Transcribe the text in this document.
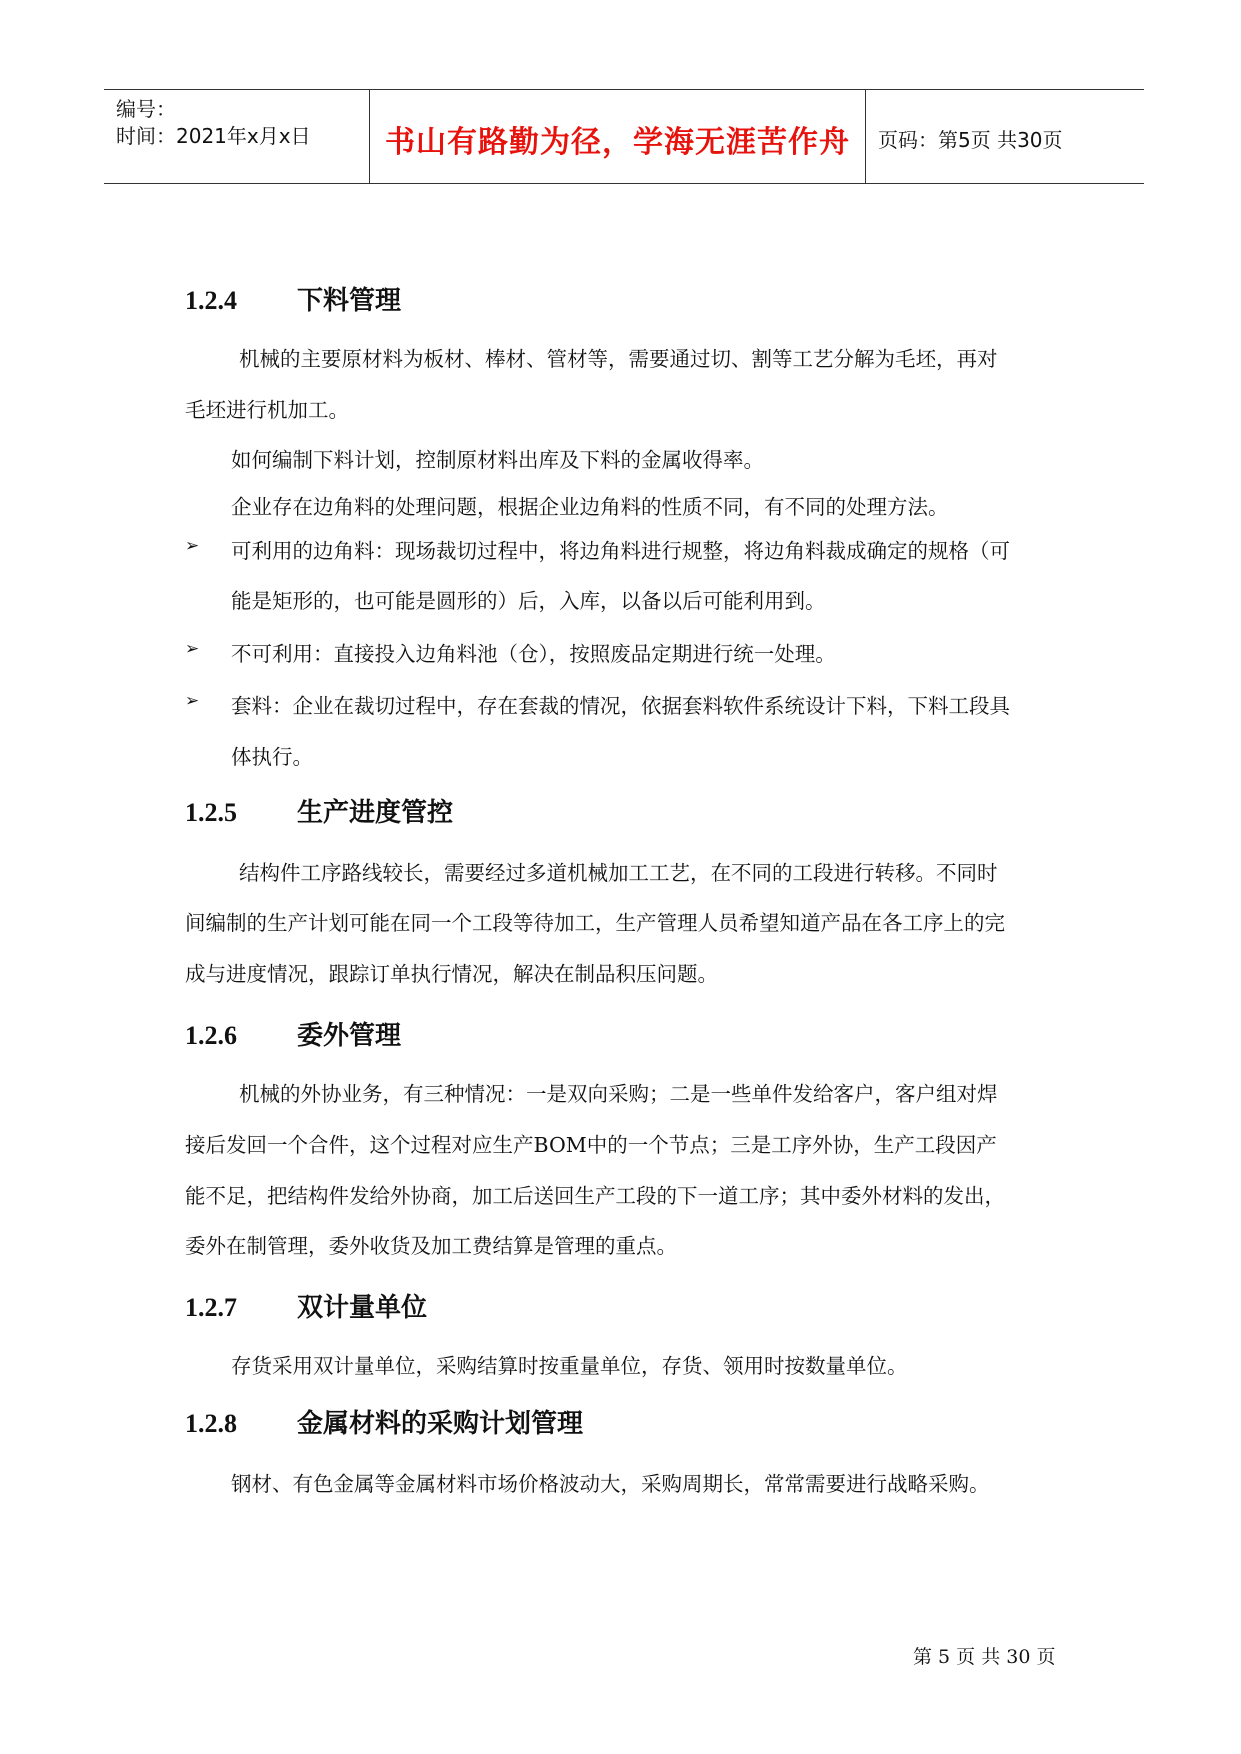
编号：
时间：2021年x月x日	书山有路勤为径，学海无涯苦作舟	页码：第5页 共30页
1.2.4 下料管理
机械的主要原材料为板材、棒材、管材等，需要通过切、割等工艺分解为毛坯，再对
毛坯进行机加工。
如何编制下料计划，控制原材料出库及下料的金属收得率。
企业存在边角料的处理问题，根据企业边角料的性质不同，有不同的处理方法。
➢ 可利用的边角料：现场裁切过程中，将边角料进行规整，将边角料裁成确定的规格（可
能是矩形的，也可能是圆形的）后，入库，以备以后可能利用到。
➢ 不可利用：直接投入边角料池（仓），按照废品定期进行统一处理。
➢ 套料：企业在裁切过程中，存在套裁的情况，依据套料软件系统设计下料，下料工段具
体执行。
1.2.5 生产进度管控
结构件工序路线较长，需要经过多道机械加工工艺，在不同的工段进行转移。不同时
间编制的生产计划可能在同一个工段等待加工，生产管理人员希望知道产品在各工序上的完
成与进度情况，跟踪订单执行情况，解决在制品积压问题。
1.2.6 委外管理
机械的外协业务，有三种情况：一是双向采购；二是一些单件发给客户，客户组对焊
接后发回一个合件，这个过程对应生产BOM中的一个节点；三是工序外协，生产工段因产
能不足，把结构件发给外协商，加工后送回生产工段的下一道工序；其中委外材料的发出，
委外在制管理，委外收货及加工费结算是管理的重点。
1.2.7 双计量单位
存货采用双计量单位，采购结算时按重量单位，存货、领用时按数量单位。
1.2.8 金属材料的采购计划管理
钢材、有色金属等金属材料市场价格波动大，采购周期长，常常需要进行战略采购。
第 5 页 共 30 页
